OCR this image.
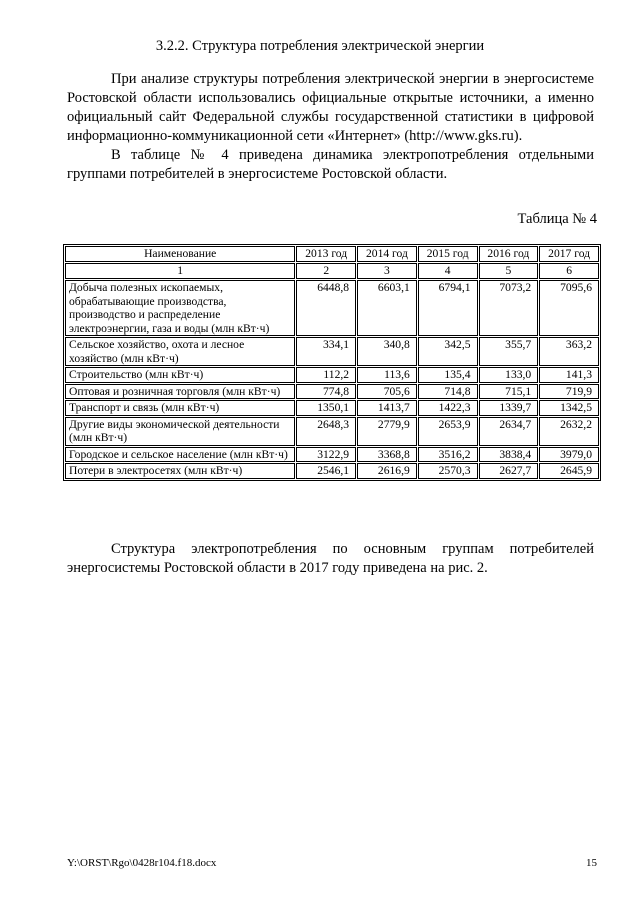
3.2.2. Структура потребления электрической энергии

При анализе структуры потребления электрической энергии в энергосистеме Ростовской области использовались официальные открытые источники, а именно официальный сайт Федеральной службы государственной статистики в цифровой информационно-коммуникационной сети «Интернет» (http://www.gks.ru).

В таблице № 4 приведена динамика электропотребления отдельными группами потребителей в энергосистеме Ростовской области.

Таблица № 4
Наименование	2013 год	2014 год	2015 год	2016 год	2017 год
1	2	3	4	5	6
Добыча полезных ископаемых, обрабатывающие производства, производство и распределение электроэнергии, газа и воды (млн кВт·ч)	6448,8	6603,1	6794,1	7073,2	7095,6
Сельское хозяйство, охота и лесное хозяйство (млн кВт·ч)	334,1	340,8	342,5	355,7	363,2
Строительство (млн кВт·ч)	112,2	113,6	135,4	133,0	141,3
Оптовая и розничная торговля (млн кВт·ч)	774,8	705,6	714,8	715,1	719,9
Транспорт и связь (млн кВт·ч)	1350,1	1413,7	1422,3	1339,7	1342,5
Другие виды экономической деятельности (млн кВт·ч)	2648,3	2779,9	2653,9	2634,7	2632,2
Городское и сельское население (млн кВт·ч)	3122,9	3368,8	3516,2	3838,4	3979,0
Потери в электросетях (млн кВт·ч)	2546,1	2616,9	2570,3	2627,7	2645,9

Структура электропотребления по основным группам потребителей энергосистемы Ростовской области в 2017 году приведена на рис. 2.

Y:\ORST\Rgo\0428r104.f18.docx	15
